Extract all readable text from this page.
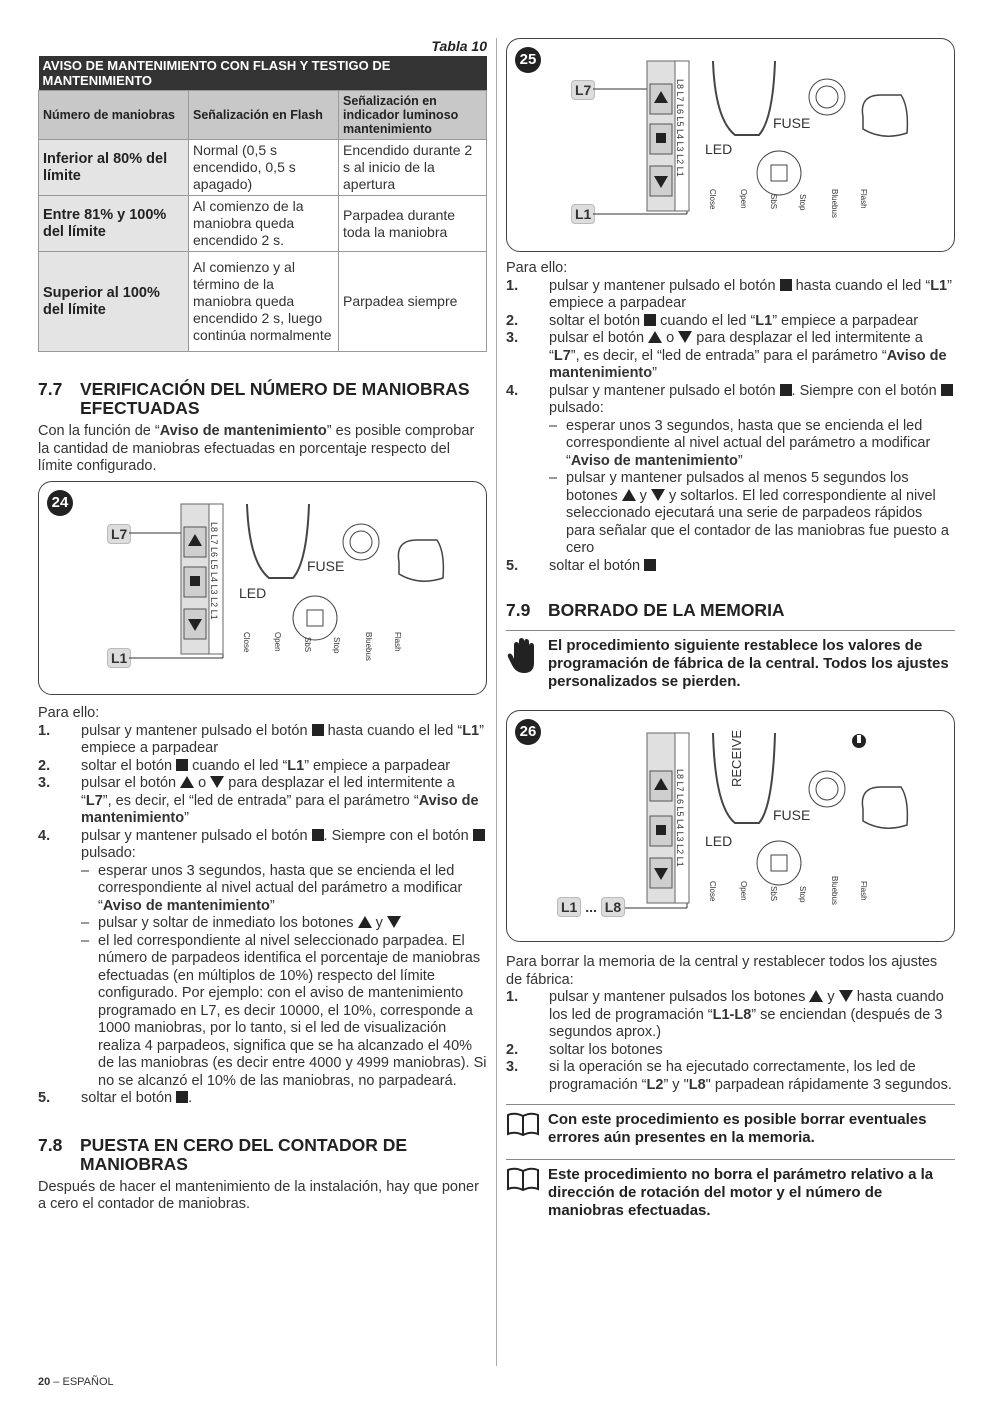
Tabla 10
AVISO DE MANTENIMIENTO CON FLASH Y TESTIGO DE MANTENIMIENTO		
Número de maniobras	Señalización en Flash	Señalización en indicador luminoso mantenimiento
Inferior al 80% del límite	Normal (0,5 s encendido, 0,5 s apagado)	Encendido durante 2 s al inicio de la apertura
Entre 81% y 100% del límite	Al comienzo de la maniobra queda encendido 2 s.	Parpadea durante toda la maniobra
Superior al 100% del límite	Al comienzo y al término de la maniobra queda encendido 2 s, luego continúa normalmente	Parpadea siempre
7.7	VERIFICACIÓN DEL NÚMERO DE MANIOBRAS EFECTUADAS

Con la función de “Aviso de mantenimiento” es posible comprobar la cantidad de maniobras efectuadas en porcentaje respecto del límite configurado.

24
L7
L1
L8 L7 L6 L5 L4 L3 L2 L1
Close	Open	SbS	Stop	Bluebus	Flash
FUSE
LED

Para ello:

1.	pulsar y mantener pulsado el botón  hasta cuando el led “L1” empiece a parpadear
2.	soltar el botón  cuando el led “L1” empiece a parpadear
3.	pulsar el botón  o  para desplazar el led intermitente a “L7”, es decir, el “led de entrada” para el parámetro “Aviso de mantenimiento”
4.	pulsar y mantener pulsado el botón . Siempre con el botón  pulsado:
– esperar unos 3 segundos, hasta que se encienda el led correspondiente al nivel actual del parámetro a modificar “Aviso de mantenimiento”
– pulsar y soltar de inmediato los botones  y
– el led correspondiente al nivel seleccionado parpadea. El número de parpadeos identifica el porcentaje de maniobras efectuadas (en múltiplos de 10%) respecto del límite configurado. Por ejemplo: con el aviso de mantenimiento programado en L7, es decir 10000, el 10%, corresponde a 1000 maniobras, por lo tanto, si el led de visualización realiza 4 parpadeos, significa que se ha alcanzado el 40% de las maniobras (es decir entre 4000 y 4999 maniobras). Si no se alcanzó el 10% de las maniobras, no parpadeará.
5.	soltar el botón .
7.8	PUESTA EN CERO DEL CONTADOR DE MANIOBRAS

Después de hacer el mantenimiento de la instalación, hay que poner a cero el contador de maniobras.

25
L7
L1
L8 L7 L6 L5 L4 L3 L2 L1
Close	Open	SbS	Stop	Bluebus	Flash
FUSE
LED

Para ello:

1.	pulsar y mantener pulsado el botón  hasta cuando el led “L1” empiece a parpadear
2.	soltar el botón  cuando el led “L1” empiece a parpadear
3.	pulsar el botón  o  para desplazar el led intermitente a “L7”, es decir, el “led de entrada” para el parámetro “Aviso de mantenimiento”
4.	pulsar y mantener pulsado el botón . Siempre con el botón  pulsado:
– esperar unos 3 segundos, hasta que se encienda el led correspondiente al nivel actual del parámetro a modificar “Aviso de mantenimiento”
– pulsar y mantener pulsados al menos 5 segundos los botones  y  y soltarlos. El led correspondiente al nivel seleccionado ejecutará una serie de parpadeos rápidos para señalar que el contador de las maniobras fue puesto a cero
5.	soltar el botón
7.9	BORRADO DE LA MEMORIA
El procedimiento siguiente restablece los valores de programación de fábrica de la central. Todos los ajustes personalizados se pierden.
26
L1 ... L8
L8 L7 L6 L5 L4 L3 L2 L1
Close	Open	SbS	Stop	Bluebus	Flash
RECEIVE
FUSE
LED

Para borrar la memoria de la central y restablecer todos los ajustes de fábrica:

1.	pulsar y mantener pulsados los botones  y  hasta cuando los led de programación “L1-L8” se enciendan (después de 3 segundos aprox.)
2.	soltar los botones
3.	si la operación se ha ejecutado correctamente, los led de programación “L2” y "L8" parpadean rápidamente 3 segundos.
Con este procedimiento es posible borrar eventuales errores aún presentes en la memoria.
Este procedimiento no borra el parámetro relativo a la dirección de rotación del motor y el número de maniobras efectuadas.
20 – ESPAÑOL
